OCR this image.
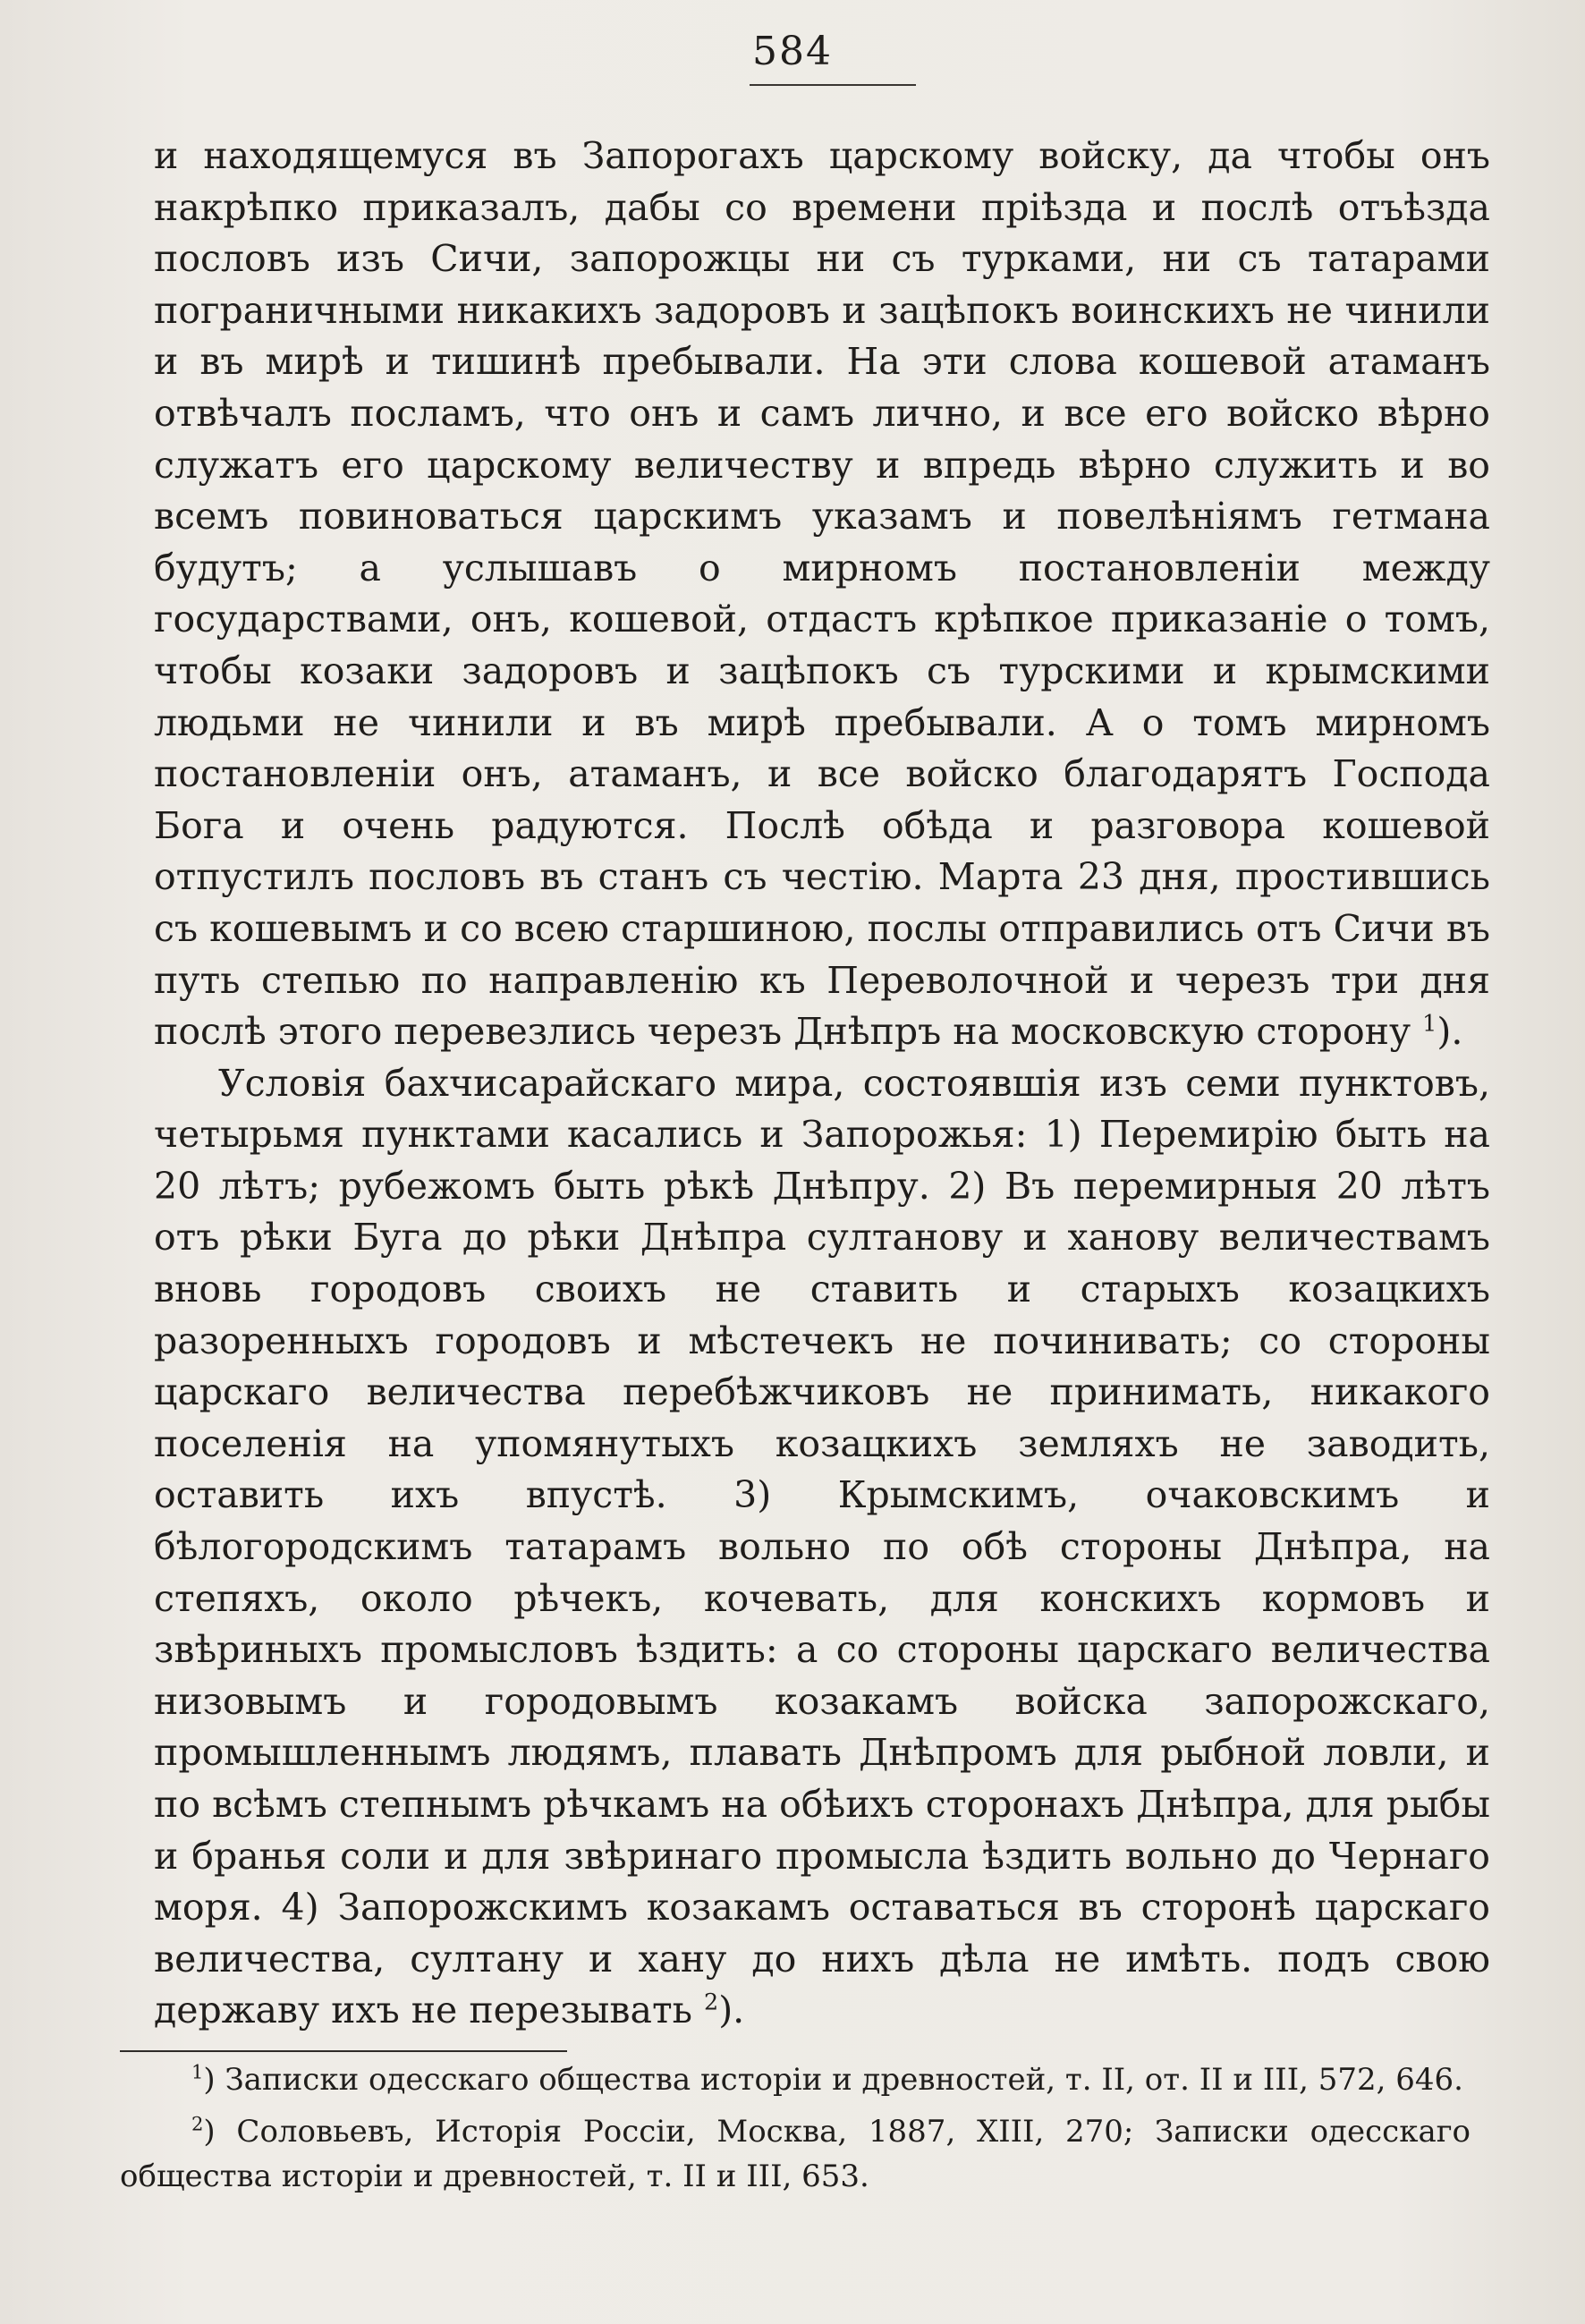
584

и находящемуся въ Запорогахъ царскому войску, да чтобы онъ накрѣпко приказалъ, дабы со времени прiѣзда и послѣ отъѣзда пословъ изъ Сичи, запорожцы ни съ турками, ни съ татарами пограничными никакихъ задоровъ и зацѣпокъ воинскихъ не чинили и въ мирѣ и тишинѣ пребывали. На эти слова кошевой атаманъ отвѣчалъ посламъ, что онъ и самъ лично, и все его войско вѣрно служатъ его царскому величеству и впредь вѣрно служить и во всемъ повиноваться царскимъ указамъ и повелѣнiямъ гетмана будутъ; а услышавъ о мирномъ постановленiи между государствами, онъ, кошевой, отдастъ крѣпкое приказанiе о томъ, чтобы козаки задоровъ и зацѣпокъ съ турскими и крымскими людьми не чинили и въ мирѣ пребывали. А о томъ мирномъ постановленiи онъ, атаманъ, и все войско благодарятъ Господа Бога и очень радуются. Послѣ обѣда и разговора кошевой отпустилъ пословъ въ станъ съ честiю. Марта 23 дня, простившись съ кошевымъ и со всею старшиною, послы отправились отъ Сичи въ путь степью по направленiю къ Переволочной и черезъ три дня послѣ этого перевезлись черезъ Днѣпръ на московскую сторону $^1$).

Условiя бахчисарайскаго мира, состоявшiя изъ семи пунктовъ, четырьмя пунктами касались и Запорожья: 1) Перемирiю быть на 20 лѣтъ; рубежомъ быть рѣкѣ Днѣпру. 2) Въ перемирныя 20 лѣтъ отъ рѣки Буга до рѣки Днѣпра султанову и ханову величествамъ вновь городовъ своихъ не ставить и старыхъ козацкихъ разоренныхъ городовъ и мѣстечекъ не починивать; со стороны царскаго величества перебѣжчиковъ не принимать, никакого поселенiя на упомянутыхъ козацкихъ земляхъ не заводить, оставить ихъ впустѣ. 3) Крымскимъ, очаковскимъ и бѣлогородскимъ татарамъ вольно по обѣ стороны Днѣпра, на степяхъ, около рѣчекъ, кочевать, для конскихъ кормовъ и звѣриныхъ промысловъ ѣздить: а со стороны царскаго величества низовымъ и городовымъ козакамъ войска запорожскаго, промышленнымъ людямъ, плавать Днѣпромъ для рыбной ловли, и по всѣмъ степнымъ рѣчкамъ на обѣихъ сторонахъ Днѣпра, для рыбы и бранья соли и для звѣринаго промысла ѣздить вольно до Чернаго моря. 4) Запорожскимъ козакамъ оставаться въ сторонѣ царскаго величества, султану и хану до нихъ дѣла не имѣть. подъ свою державу ихъ не перезывать $^2$).

$^1$) Записки одесскаго общества исторiи и древностей, т. II, от. II и III, 572, 646.

$^2$) Соловьевъ, Исторiя Россiи, Москва, 1887, XIII, 270; Записки одесскаго общества исторiи и древностей, т. II и III, 653.
